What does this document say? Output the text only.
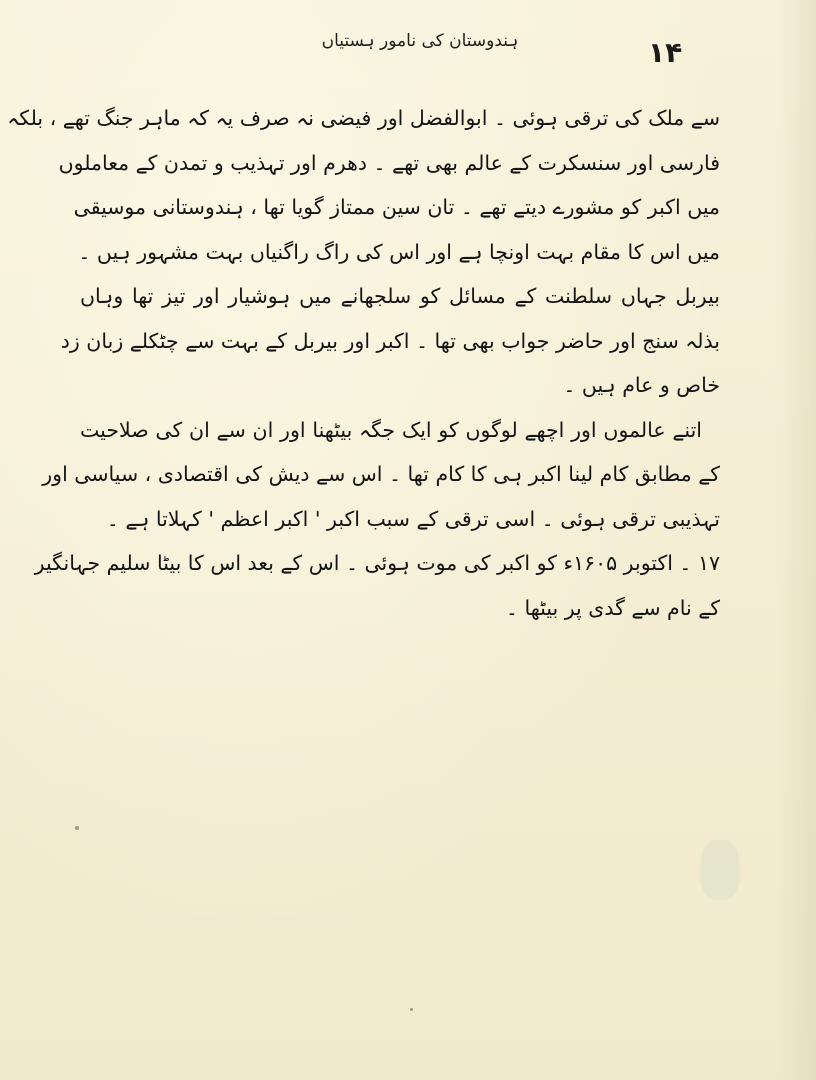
ہندوستان کی نامور ہستیاں	۱۴
سے ملک کی ترقی ہوئی ۔ ابوالفضل اور فیضی نہ صرف یہ کہ ماہر جنگ تھے ، بلکہ
فارسی اور سنسکرت کے عالم بھی تھے ۔ دھرم اور تہذیب و تمدن کے معاملوں
میں اکبر کو مشورے دیتے تھے ۔ تان سین ممتاز گویا تھا ، ہندوستانی موسیقی
میں اس کا مقام بہت اونچا ہے اور اس کی راگ راگنیاں بہت مشہور ہیں ۔
بیربل جہاں سلطنت کے مسائل کو سلجھانے میں ہوشیار اور تیز تھا وہاں
بذلہ سنج اور حاضر جواب بھی تھا ۔ اکبر اور بیربل کے بہت سے چٹکلے زبان زد
خاص و عام ہیں ۔
اتنے عالموں اور اچھے لوگوں کو ایک جگہ بیٹھنا اور ان سے ان کی صلاحیت
کے مطابق کام لینا اکبر ہی کا کام تھا ۔ اس سے دیش کی اقتصادی ، سیاسی اور
تہذیبی ترقی ہوئی ۔ اسی ترقی کے سبب اکبر ' اکبر اعظم ' کہلاتا ہے ۔
۱۷ ۔ اکتوبر ۱۶۰۵ء کو اکبر کی موت ہوئی ۔ اس کے بعد اس کا بیٹا سلیم جہانگیر
کے نام سے گدی پر بیٹھا ۔
